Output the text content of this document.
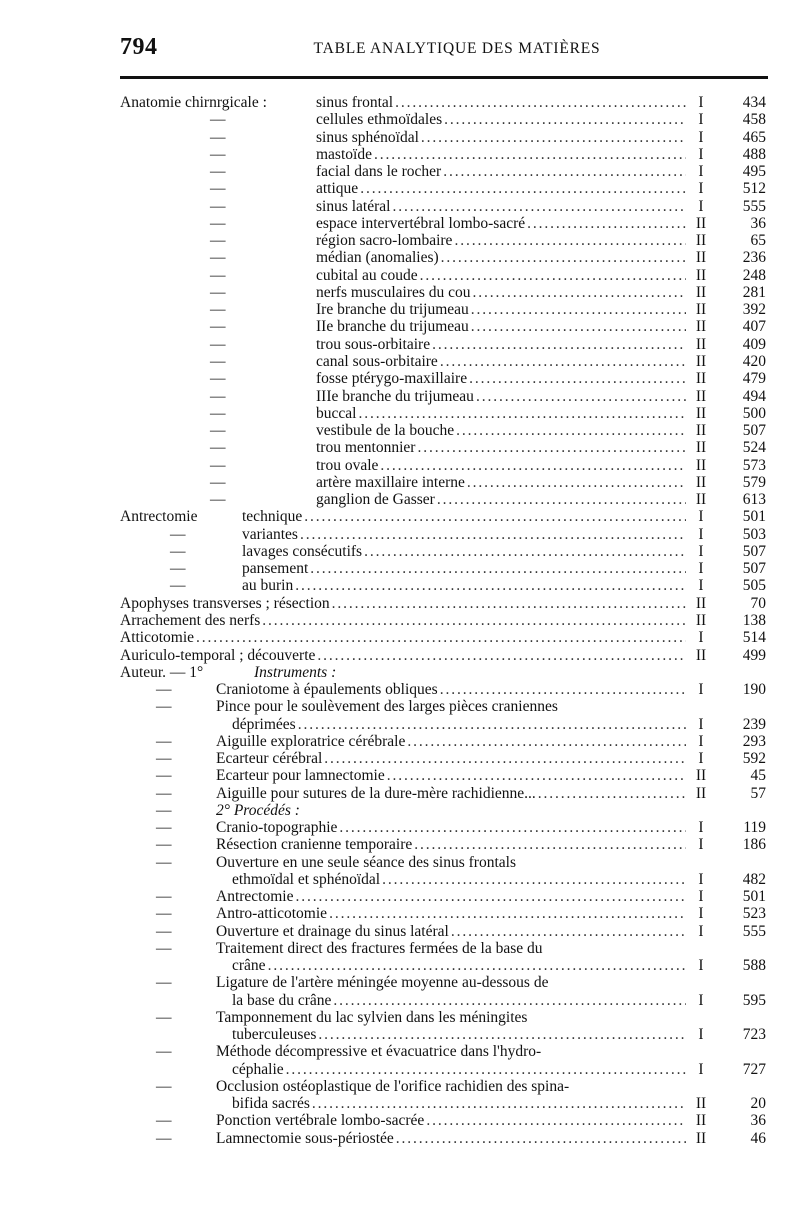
794	TABLE ANALYTIQUE DES MATIÈRES
Anatomie chirnrgicale :	sinus frontal . . .	I	434
—	cellules ethmoïdales . . .	I	458
—	sinus sphénoïdal . . .	I	465
—	mastoïde . . .	I	488
—	facial dans le rocher . . .	I	495
—	attique . . .	I	512
—	sinus latéral . . .	I	555
—	espace intervertébral lombo-sacré . . .	II	36
—	région sacro-lombaire . . .	II	65
—	médian (anomalies) . . .	II	236
—	cubital au coude . . .	II	248
—	nerfs musculaires du cou . . .	II	281
—	Ire branche du trijumeau . . .	II	392
—	IIe branche du trijumeau . . .	II	407
—	trou sous-orbitaire . . .	II	409
—	canal sous-orbitaire . . .	II	420
—	fosse ptérygo-maxillaire . . .	II	479
—	IIIe branche du trijumeau . . .	II	494
—	buccal . . .	II	500
—	vestibule de la bouche . . .	II	507
—	trou mentonnier . . .	II	524
—	trou ovale . . .	II	573
—	artère maxillaire interne . . .	II	579
—	ganglion de Gasser . . .	II	613
Antrectomie	technique . . .	I	501
—	variantes . . .	I	503
—	lavages consécutifs . . .	I	507
—	pansement . . .	I	507
—	au burin . . .	I	505
Apophyses transverses ; résection . . .	II	70
Arrachement des nerfs . . .	II	138
Atticotomie . . .	I	514
Auriculo-temporal ; découverte . . .	II	499
Auteur. — 1°	Instruments :
—	Craniotome à épaulements obliques . . .	I	190
—	Pince pour le soulèvement des larges pièces craniennes
déprimées . . .	I	239
—	Aiguille exploratrice cérébrale . . .	I	293
—	Ecarteur cérébral . . .	I	592
—	Ecarteur pour lamnectomie . . .	II	45
—	Aiguille pour sutures de la dure-mère rachidienne... . . .	II	57
—	2° Procédés :
—	Cranio-topographie . . .	I	119
—	Résection cranienne temporaire . . .	I	186
—	Ouverture en une seule séance des sinus frontals
ethmoïdal et sphénoïdal . . .	I	482
—	Antrectomie . . .	I	501
—	Antro-atticotomie . . .	I	523
—	Ouverture et drainage du sinus latéral . . .	I	555
—	Traitement direct des fractures fermées de la base du
crâne . . .	I	588
—	Ligature de l'artère méningée moyenne au-dessous de
la base du crâne . . .	I	595
—	Tamponnement du lac sylvien dans les méningites
tuberculeuses . . .	I	723
—	Méthode décompressive et évacuatrice dans l'hydro-
céphalie . . .	I	727
—	Occlusion ostéoplastique de l'orifice rachidien des spina-
bifida sacrés . . .	II	20
—	Ponction vertébrale lombo-sacrée . . .	II	36
—	Lamnectomie sous-périostée . . .	II	46
